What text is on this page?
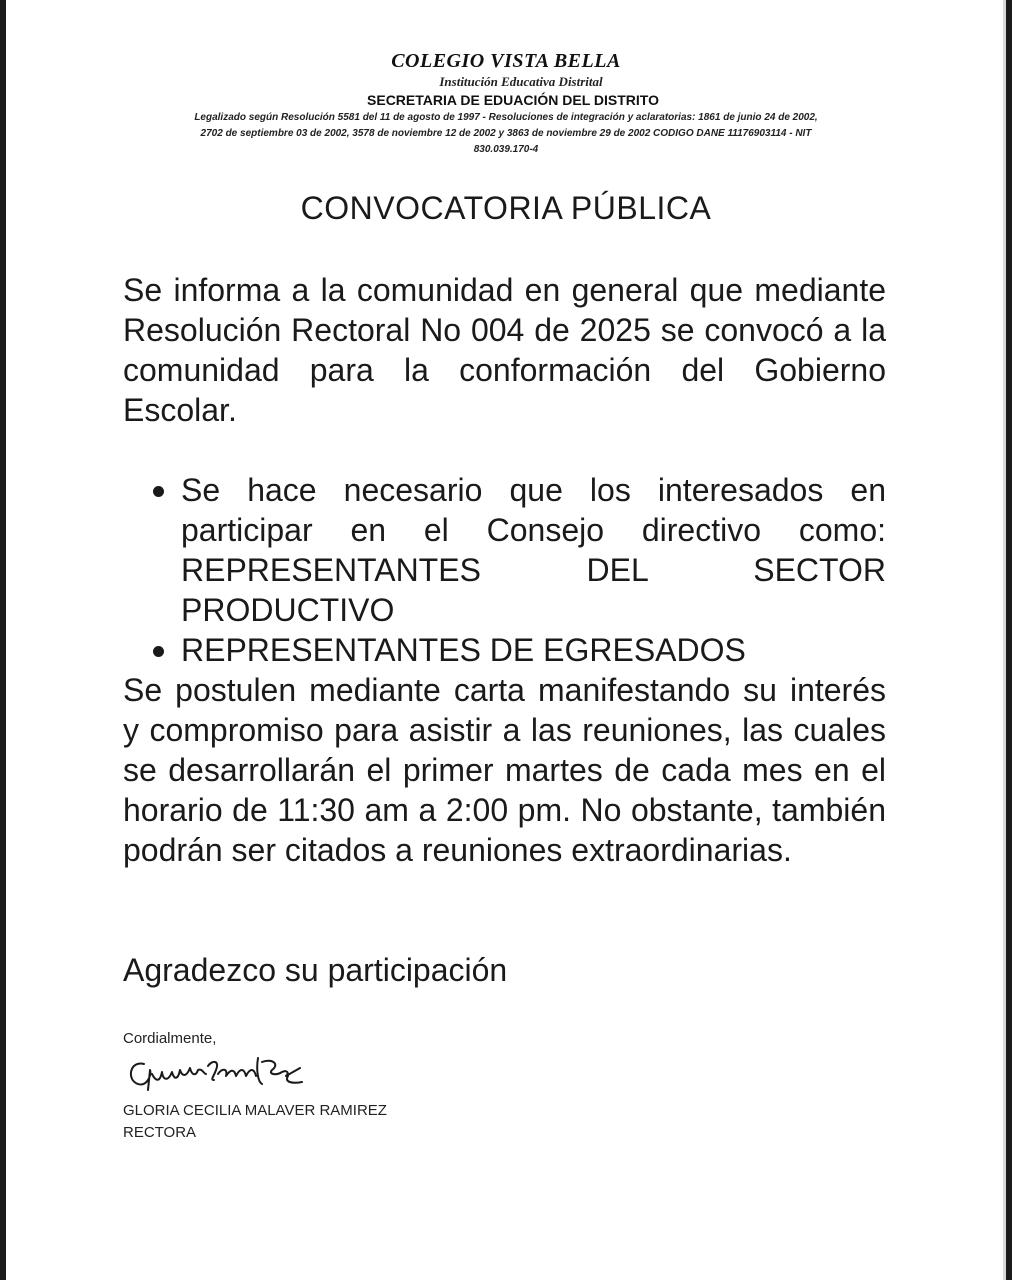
COLEGIO VISTA BELLA
Institución Educativa Distrital
SECRETARIA DE EDUACIÓN DEL DISTRITO
Legalizado según Resolución 5581 del 11 de agosto de 1997 - Resoluciones de integración y aclaratorias: 1861 de junio 24 de 2002,
2702 de septiembre 03 de 2002, 3578 de noviembre 12 de 2002 y 3863 de noviembre 29 de 2002 CODIGO DANE 11176903114 - NIT
830.039.170-4
CONVOCATORIA PÚBLICA
Se informa a la comunidad en general que mediante Resolución Rectoral No 004 de 2025 se convocó a la comunidad para la conformación del Gobierno Escolar.
Se hace necesario que los interesados en participar en el Consejo directivo como: REPRESENTANTES DEL SECTOR PRODUCTIVO
REPRESENTANTES DE EGRESADOS
Se postulen mediante carta manifestando su interés y compromiso para asistir a las reuniones, las cuales se desarrollarán el primer martes de cada mes en el horario de 11:30 am a 2:00 pm. No obstante, también podrán ser citados a reuniones extraordinarias.
Agradezco su participación
Cordialmente,
GLORIA CECILIA MALAVER RAMIREZ
RECTORA
